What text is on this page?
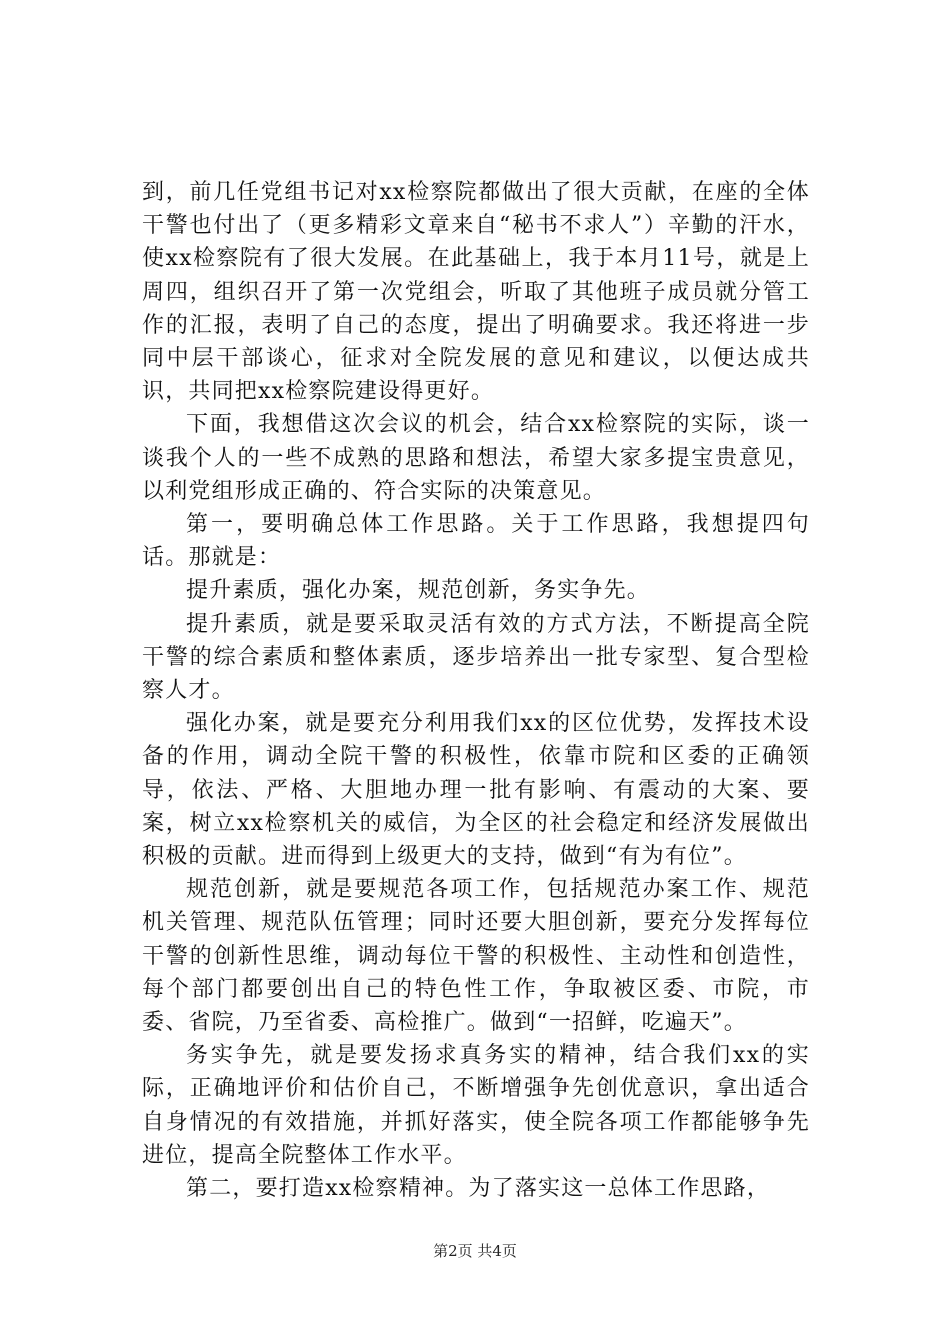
到，前几任党组书记对xx检察院都做出了很大贡献，在座的全体干警也付出了（更多精彩文章来自“秘书不求人”）辛勤的汗水，使xx检察院有了很大发展。在此基础上，我于本月11号，就是上周四，组织召开了第一次党组会，听取了其他班子成员就分管工作的汇报，表明了自己的态度，提出了明确要求。我还将进一步同中层干部谈心，征求对全院发展的意见和建议，以便达成共识，共同把xx检察院建设得更好。

下面，我想借这次会议的机会，结合xx检察院的实际，谈一谈我个人的一些不成熟的思路和想法，希望大家多提宝贵意见，以利党组形成正确的、符合实际的决策意见。

第一，要明确总体工作思路。关于工作思路，我想提四句话。那就是：

提升素质，强化办案，规范创新，务实争先。

提升素质，就是要采取灵活有效的方式方法，不断提高全院干警的综合素质和整体素质，逐步培养出一批专家型、复合型检察人才。

强化办案，就是要充分利用我们xx的区位优势，发挥技术设备的作用，调动全院干警的积极性，依靠市院和区委的正确领导，依法、严格、大胆地办理一批有影响、有震动的大案、要案，树立xx检察机关的威信，为全区的社会稳定和经济发展做出积极的贡献。进而得到上级更大的支持，做到“有为有位”。

规范创新，就是要规范各项工作，包括规范办案工作、规范机关管理、规范队伍管理；同时还要大胆创新，要充分发挥每位干警的创新性思维，调动每位干警的积极性、主动性和创造性，每个部门都要创出自己的特色性工作，争取被区委、市院，市委、省院，乃至省委、高检推广。做到“一招鲜，吃遍天”。

务实争先，就是要发扬求真务实的精神，结合我们xx的实际，正确地评价和估价自己，不断增强争先创优意识，拿出适合自身情况的有效措施，并抓好落实，使全院各项工作都能够争先进位，提高全院整体工作水平。

第二，要打造xx检察精神。为了落实这一总体工作思路，

第2页 共4页
